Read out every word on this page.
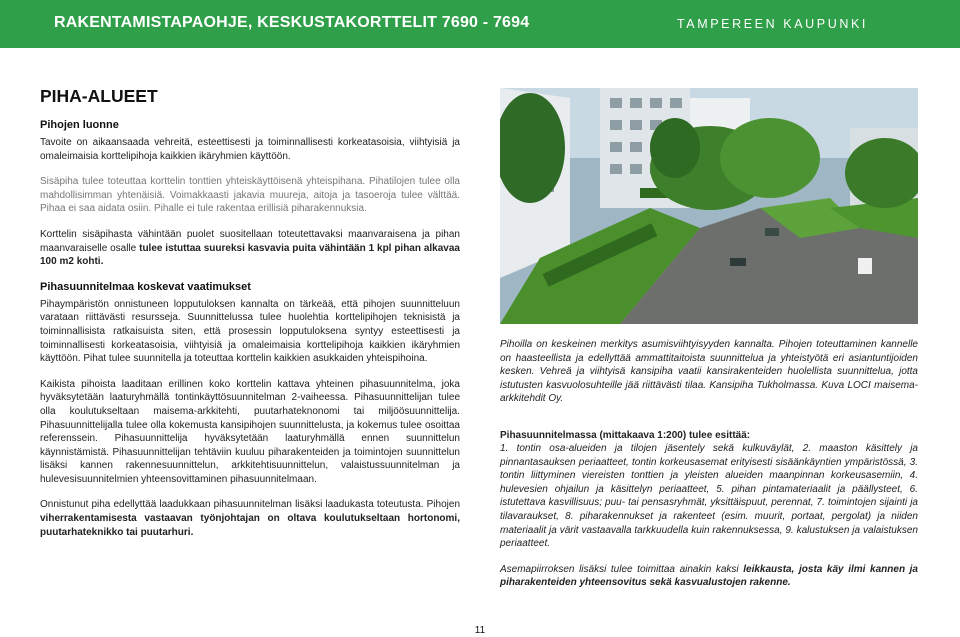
RAKENTAMISTAPAOHJE, KESKUSTAKORTTELIT 7690 - 7694	TAMPEREEN KAUPUNKI
PIHA-ALUEET
Pihojen luonne

Tavoite on aikaansaada vehreitä, esteettisesti ja toiminnallisesti korkeatasoisia, viihtyisiä ja omaleimaisia korttelipihoja kaikkien ikäryhmien käyttöön.

Sisäpiha tulee toteuttaa korttelin tonttien yhteiskäyttöisenä yhteispihana. Pihatilojen tulee olla mahdollisimman yhtenäisiä. Voimakkaasti jakavia muureja, aitoja ja tasoeroja tulee välttää. Pihaa ei saa aidata osiin. Pihalle ei tule rakentaa erillisiä piharakennuksia.

Korttelin sisäpihasta vähintään puolet suositellaan toteutettavaksi maanvaraisena ja pihan maanvaraiselle osalle tulee istuttaa suureksi kasvavia puita vähintään 1 kpl pihan alkavaa 100 m2 kohti.

Pihasuunnitelmaa koskevat vaatimukset

Pihaympäristön onnistuneen lopputuloksen kannalta on tärkeää, että pihojen suunnitteluun varataan riittävästi resursseja. Suunnittelussa tulee huolehtia korttelipihojen teknisistä ja toiminnallisista ratkaisuista siten, että prosessin lopputuloksena syntyy esteettisesti ja toiminnallisesti korkeatasoisia, viihtyisiä ja omaleimaisia korttelipihoja kaikkien ikäryhmien käyttöön. Pihat tulee suunnitella ja toteuttaa korttelin kaikkien asukkaiden yhteispihoina.

Kaikista pihoista laaditaan erillinen koko korttelin kattava yhteinen pihasuunnitelma, joka hyväksytetään laaturyhmällä tontinkäyttösuunnitelman 2-vaiheessa. Pihasuunnittelijan tulee olla koulutukseltaan maisema-arkkitehti, puutarhateknonomi tai miljöösuunnittelija. Pihasuunnittelijalla tulee olla kokemusta kansipihojen suunnittelusta, ja kokemus tulee osoittaa referenssein. Pihasuunnittelija hyväksytetään laaturyhmällä ennen suunnittelun käynnistämistä. Pihasuunnittelijan tehtäviin kuuluu piharakenteiden ja toimintojen suunnittelun lisäksi kannen rakennesuunnittelun, arkkitehtisuunnittelun, valaistussuunnitelman ja hulevesisuunnitelmien yhteensovittaminen pihasuunnitelmaan.

Onnistunut piha edellyttää laadukkaan pihasuunnitelman lisäksi laadukasta toteutusta. Pihojen viherrakentamisesta vastaavan työnjohtajan on oltava koulutukseltaan hortonomi, puutarhateknikko tai puutarhuri.

Pihoilla on keskeinen merkitys asumisviihtyisyyden kannalta. Pihojen toteuttaminen kannelle on haasteellista ja edellyttää ammattitaitoista suunnittelua ja yhteistyötä eri asiantuntijoiden kesken. Vehreä ja viihtyisä kansipiha vaatii kansirakenteiden huolellista suunnittelua, jotta istutusten kasvuolosuhteille jää riittävästi tilaa. Kansipiha Tukholmassa. Kuva LOCI maisema-arkkitehdit Oy.

Pihasuunnitelmassa (mittakaava 1:200) tulee esittää:

1. tontin osa-alueiden ja tilojen jäsentely sekä kulkuväylät, 2. maaston käsittely ja pinnantasauksen periaatteet, tontin korkeusasemat erityisesti sisäänkäyntien ympäristössä, 3. tontin liittyminen viereisten tonttien ja yleisten alueiden maanpinnan korkeusasemiin, 4. hulevesien ohjailun ja käsittelyn periaatteet, 5. pihan pintamateriaalit ja päällysteet, 6. istutettava kasvillisuus; puu- tai pensasryhmät, yksittäispuut, perennat, 7. toimintojen sijainti ja tilavaraukset, 8. piharakennukset ja rakenteet (esim. muurit, portaat, pergolat) ja niiden materiaalit ja värit vastaavalla tarkkuudella kuin rakennuksessa, 9. kalustuksen ja valaistuksen periaatteet.

Asemapiirroksen lisäksi tulee toimittaa ainakin kaksi leikkausta, josta käy ilmi kannen ja piharakenteiden yhteensovitus sekä kasvualustojen rakenne.

11
